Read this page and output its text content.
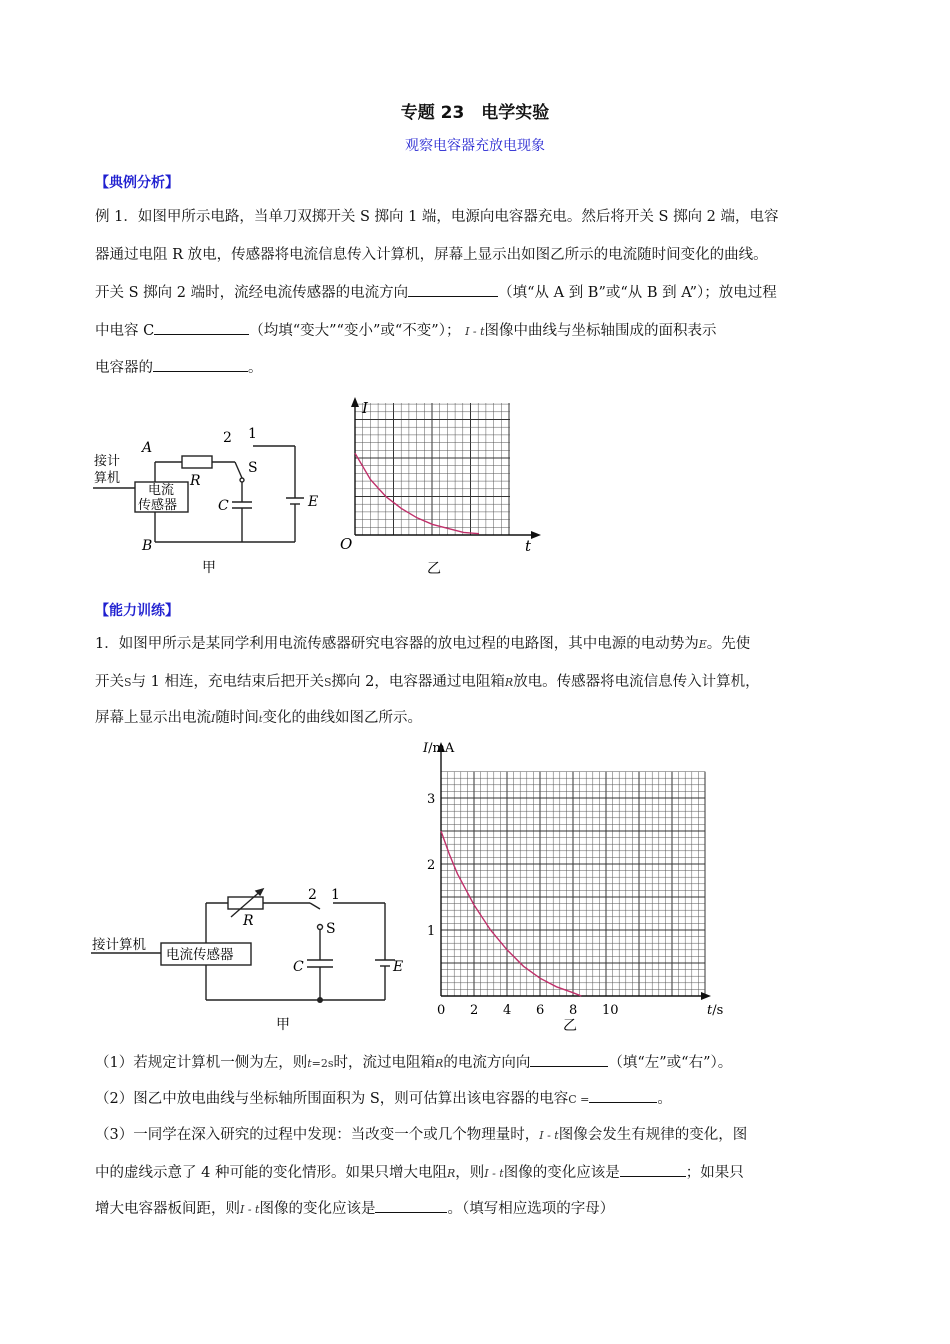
专题 23　电学实验
观察电容器充放电现象
【典例分析】
例 1．如图甲所示电路，当单刀双掷开关 S 掷向 1 端，电源向电容器充电。然后将开关 S 掷向 2 端，电容
器通过电阻 R 放电，传感器将电流信息传入计算机，屏幕上显示出如图乙所示的电流随时间变化的曲线。
开关 S 掷向 2 端时，流经电流传感器的电流方向	（填“从 A 到 B”或“从 B 到 A”）；放电过程
中电容 C	（均填“变大”“变小”或“不变”）； I - t图像中曲线与坐标轴围成的面积表示
电容器的	。
A
B
R
2 1
S
C	E
接计
算机
电流
传感器
甲
I
O	t
乙
【能力训练】
1．如图甲所示是某同学利用电流传感器研究电容器的放电过程的电路图，其中电源的电动势为E。先使
开关S与 1 相连，充电结束后把开关S掷向 2，电容器通过电阻箱R放电。传感器将电流信息传入计算机，
屏幕上显示出电流I随时间t变化的曲线如图乙所示。
R
2 1
S
C	E
接计算机
电流传感器
甲
0 2 4 6 8 10
1
2
3
I/mA
t/s
乙
（1）若规定计算机一侧为左，则t=2s时，流过电阻箱R的电流方向向	（填“左”或“右”）。
（2）图乙中放电曲线与坐标轴所围面积为 S，则可估算出该电容器的电容C =	。
（3）一同学在深入研究的过程中发现：当改变一个或几个物理量时，I - t图像会发生有规律的变化，图
中的虚线示意了 4 种可能的变化情形。如果只增大电阻R，则I - t图像的变化应该是	；如果只
增大电容器板间距，则I - t图像的变化应该是	。（填写相应选项的字母）
